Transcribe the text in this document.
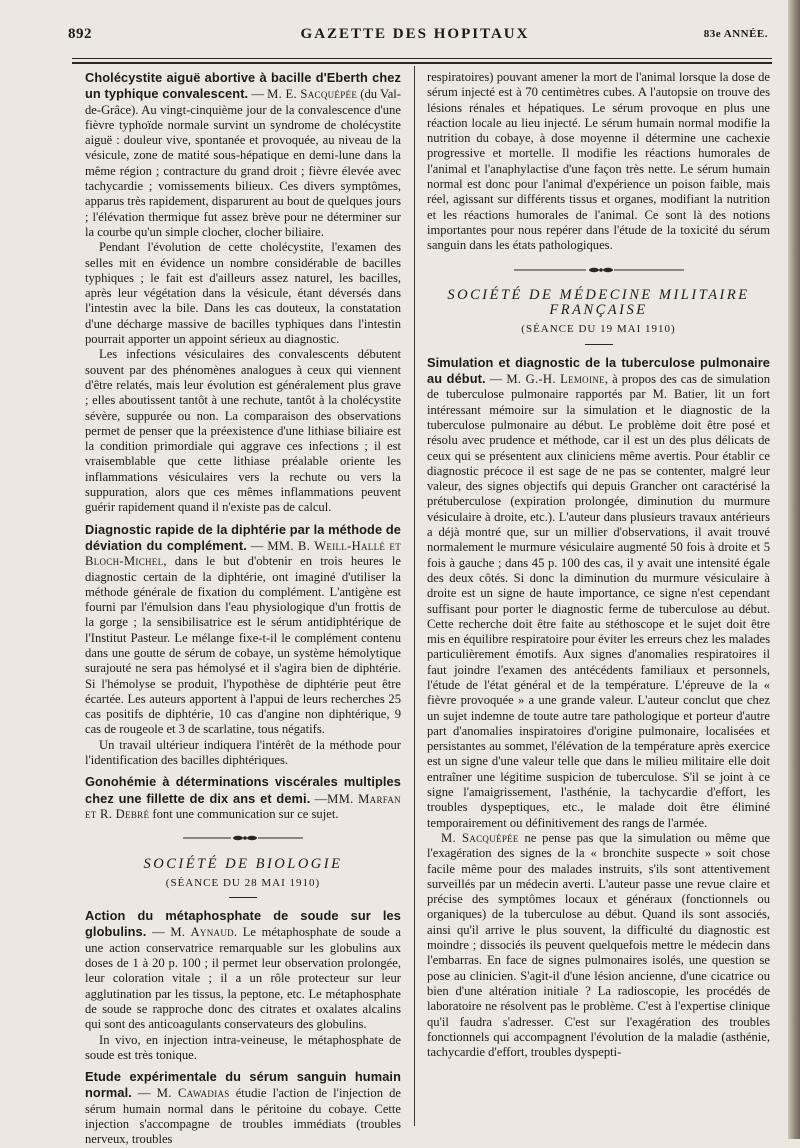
892	GAZETTE DES HOPITAUX	83e ANNÉE.

Cholécystite aiguë abortive à bacille d'Eberth chez un typhique convalescent. — M. E. Sacquépée (du Val-de-Grâce). Au vingt-cinquième jour de la convalescence d'une fièvre typhoïde normale survint un syndrome de cholécystite aiguë : douleur vive, spontanée et provoquée, au niveau de la vésicule, zone de matité sous-hépatique en demi-lune dans la même région ; contracture du grand droit ; fièvre élevée avec tachycardie ; vomissements bilieux. Ces divers symptômes, apparus très rapidement, disparurent au bout de quelques jours ; l'élévation thermique fut assez brève pour ne déterminer sur la courbe qu'un simple clocher, clocher biliaire.

Pendant l'évolution de cette cholécystite, l'examen des selles mit en évidence un nombre considérable de bacilles typhiques ; le fait est d'ailleurs assez naturel, les bacilles, après leur végétation dans la vésicule, étant déversés dans l'intestin avec la bile. Dans les cas douteux, la constatation d'une décharge massive de bacilles typhiques dans l'intestin pourrait apporter un appoint sérieux au diagnostic.

Les infections vésiculaires des convalescents débutent souvent par des phénomènes analogues à ceux qui viennent d'être relatés, mais leur évolution est généralement plus grave ; elles aboutissent tantôt à une rechute, tantôt à la cholécystite sévère, suppurée ou non. La comparaison des observations permet de penser que la préexistence d'une lithiase biliaire est la condition primordiale qui aggrave ces infections ; il est vraisemblable que cette lithiase préalable oriente les inflammations vésiculaires vers la rechute ou vers la suppuration, alors que ces mêmes inflammations peuvent guérir rapidement quand il n'existe pas de calcul.

Diagnostic rapide de la diphtérie par la méthode de déviation du complément. — MM. B. Weill-Hallé et Bloch-Michel, dans le but d'obtenir en trois heures le diagnostic certain de la diphtérie, ont imaginé d'utiliser la méthode générale de fixation du complément. L'antigène est fourni par l'émulsion dans l'eau physiologique d'un frottis de la gorge ; la sensibilisatrice est le sérum antidiphtérique de l'Institut Pasteur. Le mélange fixe-t-il le complément contenu dans une goutte de sérum de cobaye, un système hémolytique surajouté ne sera pas hémolysé et il s'agira bien de diphtérie. Si l'hémolyse se produit, l'hypothèse de diphtérie peut être écartée. Les auteurs apportent à l'appui de leurs recherches 25 cas positifs de diphtérie, 10 cas d'angine non diphtérique, 9 cas de rougeole et 3 de scarlatine, tous négatifs.

Un travail ultérieur indiquera l'intérêt de la méthode pour l'identification des bacilles diphtériques.

Gonohémie à déterminations viscérales multiples chez une fillette de dix ans et demi. —MM. Marfan et R. Debré font une communication sur ce sujet.

SOCIÉTÉ DE BIOLOGIE

(SÉANCE DU 28 MAI 1910)

Action du métaphosphate de soude sur les globulins. — M. Aynaud. Le métaphosphate de soude a une action conservatrice remarquable sur les globulins aux doses de 1 à 20 p. 100 ; il permet leur observation prolongée, leur coloration vitale ; il a un rôle protecteur sur leur agglutination par les tissus, la peptone, etc. Le métaphosphate de soude se rapproche donc des citrates et oxalates alcalins qui sont des anticoagulants conservateurs des globulins.

In vivo, en injection intra-veineuse, le métaphosphate de soude est très tonique.

Etude expérimentale du sérum sanguin humain normal. — M. Cawadias étudie l'action de l'injection de sérum humain normal dans le péritoine du cobaye. Cette injection s'accompagne de troubles immédiats (troubles nerveux, troubles

respiratoires) pouvant amener la mort de l'animal lorsque la dose de sérum injecté est à 70 centimètres cubes. A l'autopsie on trouve des lésions rénales et hépatiques. Le sérum provoque en plus une réaction locale au lieu injecté. Le sérum humain normal modifie la nutrition du cobaye, à dose moyenne il détermine une cachexie progressive et mortelle. Il modifie les réactions humorales de l'animal et l'anaphylactise d'une façon très nette. Le sérum humain normal est donc pour l'animal d'expérience un poison faible, mais réel, agissant sur différents tissus et organes, modifiant la nutrition et les réactions humorales de l'animal. Ce sont là des notions importantes pour nous repérer dans l'étude de la toxicité du sérum sanguin dans les états pathologiques.

SOCIÉTÉ DE MÉDECINE MILITAIRE FRANÇAISE

(SÉANCE DU 19 MAI 1910)

Simulation et diagnostic de la tuberculose pulmonaire au début. — M. G.-H. Lemoine, à propos des cas de simulation de tuberculose pulmonaire rapportés par M. Batier, lit un fort intéressant mémoire sur la simulation et le diagnostic de la tuberculose pulmonaire au début. Le problème doit être posé et résolu avec prudence et méthode, car il est un des plus délicats de ceux qui se présentent aux cliniciens même avertis. Pour établir ce diagnostic précoce il est sage de ne pas se contenter, malgré leur valeur, des signes objectifs qui depuis Grancher ont caractérisé la prétuberculose (expiration prolongée, diminution du murmure vésiculaire à droite, etc.). L'auteur dans plusieurs travaux antérieurs a déjà montré que, sur un millier d'observations, il avait trouvé normalement le murmure vésiculaire augmenté 50 fois à droite et 5 fois à gauche ; dans 45 p. 100 des cas, il y avait une intensité égale des deux côtés. Si donc la diminution du murmure vésiculaire à droite est un signe de haute importance, ce signe n'est cependant suffisant pour porter le diagnostic ferme de tuberculose au début. Cette recherche doit être faite au stéthoscope et le sujet doit être mis en équilibre respiratoire pour éviter les erreurs chez les malades particulièrement émotifs. Aux signes d'anomalies respiratoires il faut joindre l'examen des antécédents familiaux et personnels, l'étude de l'état général et de la température. L'épreuve de la « fièvre provoquée » a une grande valeur. L'auteur conclut que chez un sujet indemne de toute autre tare pathologique et porteur d'autre part d'anomalies inspiratoires d'origine pulmonaire, localisées et persistantes au sommet, l'élévation de la température après exercice est un signe d'une valeur telle que dans le milieu militaire elle doit entraîner une légitime suspicion de tuberculose. S'il se joint à ce signe l'amaigrissement, l'asthénie, la tachycardie d'effort, les troubles dyspeptiques, etc., le malade doit être éliminé temporairement ou définitivement des rangs de l'armée.

M. Sacquépée ne pense pas que la simulation ou même que l'exagération des signes de la « bronchite suspecte » soit chose facile même pour des malades instruits, s'ils sont attentivement surveillés par un médecin averti. L'auteur passe une revue claire et précise des symptômes locaux et généraux (fonctionnels ou organiques) de la tuberculose au début. Quand ils sont associés, ainsi qu'il arrive le plus souvent, la difficulté du diagnostic est moindre ; dissociés ils peuvent quelquefois mettre le médecin dans l'embarras. En face de signes pulmonaires isolés, une question se pose au clinicien. S'agit-il d'une lésion ancienne, d'une cicatrice ou bien d'une altération initiale ? La radioscopie, les procédés de laboratoire ne résolvent pas le problème. C'est à l'expertise clinique qu'il faudra s'adresser. C'est sur l'exagération des troubles fonctionnels qui accompagnent l'évolution de la maladie (asthénie, tachycardie d'effort, troubles dyspepti-
